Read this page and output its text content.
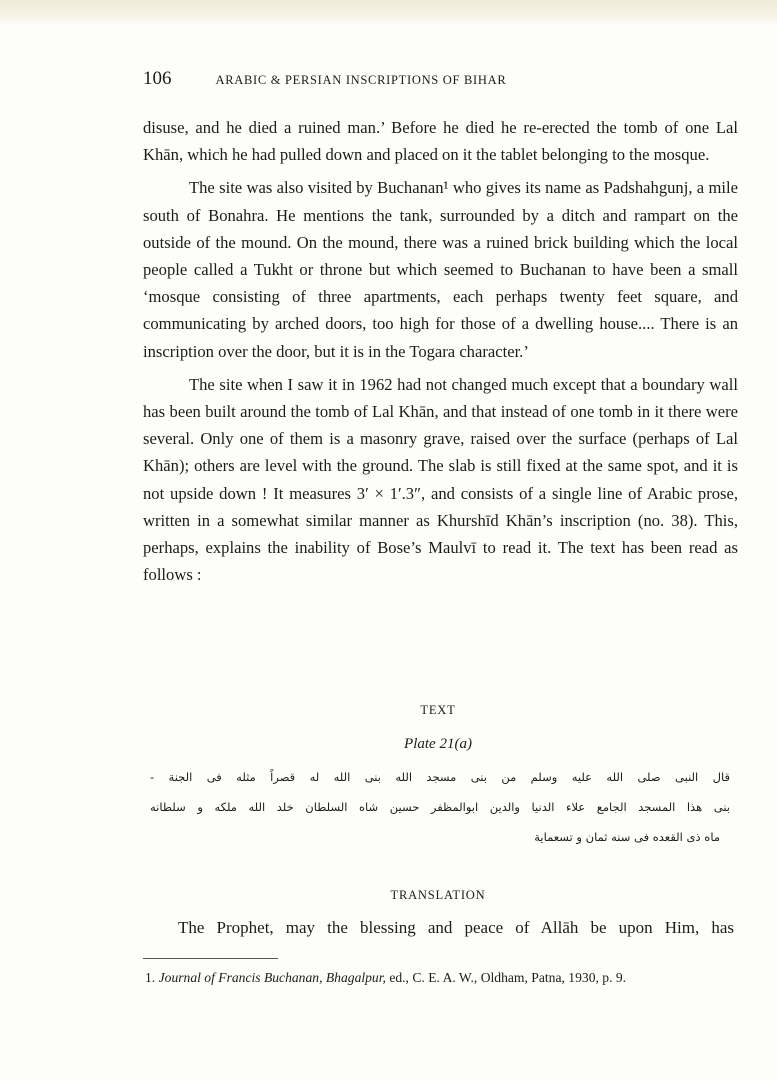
106	ARABIC & PERSIAN INSCRIPTIONS OF BIHAR

disuse, and he died a ruined man.’ Before he died he re-erected the tomb of one Lal Khān, which he had pulled down and placed on it the tablet belonging to the mosque.

The site was also visited by Buchanan¹ who gives its name as Padshahgunj, a mile south of Bonahra. He mentions the tank, surrounded by a ditch and rampart on the outside of the mound. On the mound, there was a ruined brick building which the local people called a Tukht or throne but which seemed to Buchanan to have been a small ‘mosque consisting of three apartments, each perhaps twenty feet square, and communicating by arched doors, too high for those of a dwelling house.... There is an inscription over the door, but it is in the Togara character.’

The site when I saw it in 1962 had not changed much except that a boundary wall has been built around the tomb of Lal Khān, and that instead of one tomb in it there were several. Only one of them is a masonry grave, raised over the surface (perhaps of Lal Khān); others are level with the ground. The slab is still fixed at the same spot, and it is not upside down ! It measures 3′ × 1′.3″, and consists of a single line of Arabic prose, written in a somewhat similar manner as Khurshīd Khān’s inscription (no. 38). This, perhaps, explains the inability of Bose’s Maulvī to read it. The text has been read as follows :

TEXT
Plate 21(a)
قال النبی صلی الله علیه وسلم من بنی مسجد الله بنی الله له قصراً مثله فی الجنة -
بنی هذا المسجد الجامع علاء الدنیا والدین ابوالمظفر حسین شاه السلطان خلد الله ملکه و سلطانه
ماه ذی القعده فی سنه ثمان و تسعمایة
TRANSLATION
The Prophet, may the blessing and peace of Allāh be upon Him, has
1. Journal of Francis Buchanan, Bhagalpur, ed., C. E. A. W., Oldham, Patna, 1930, p. 9.
